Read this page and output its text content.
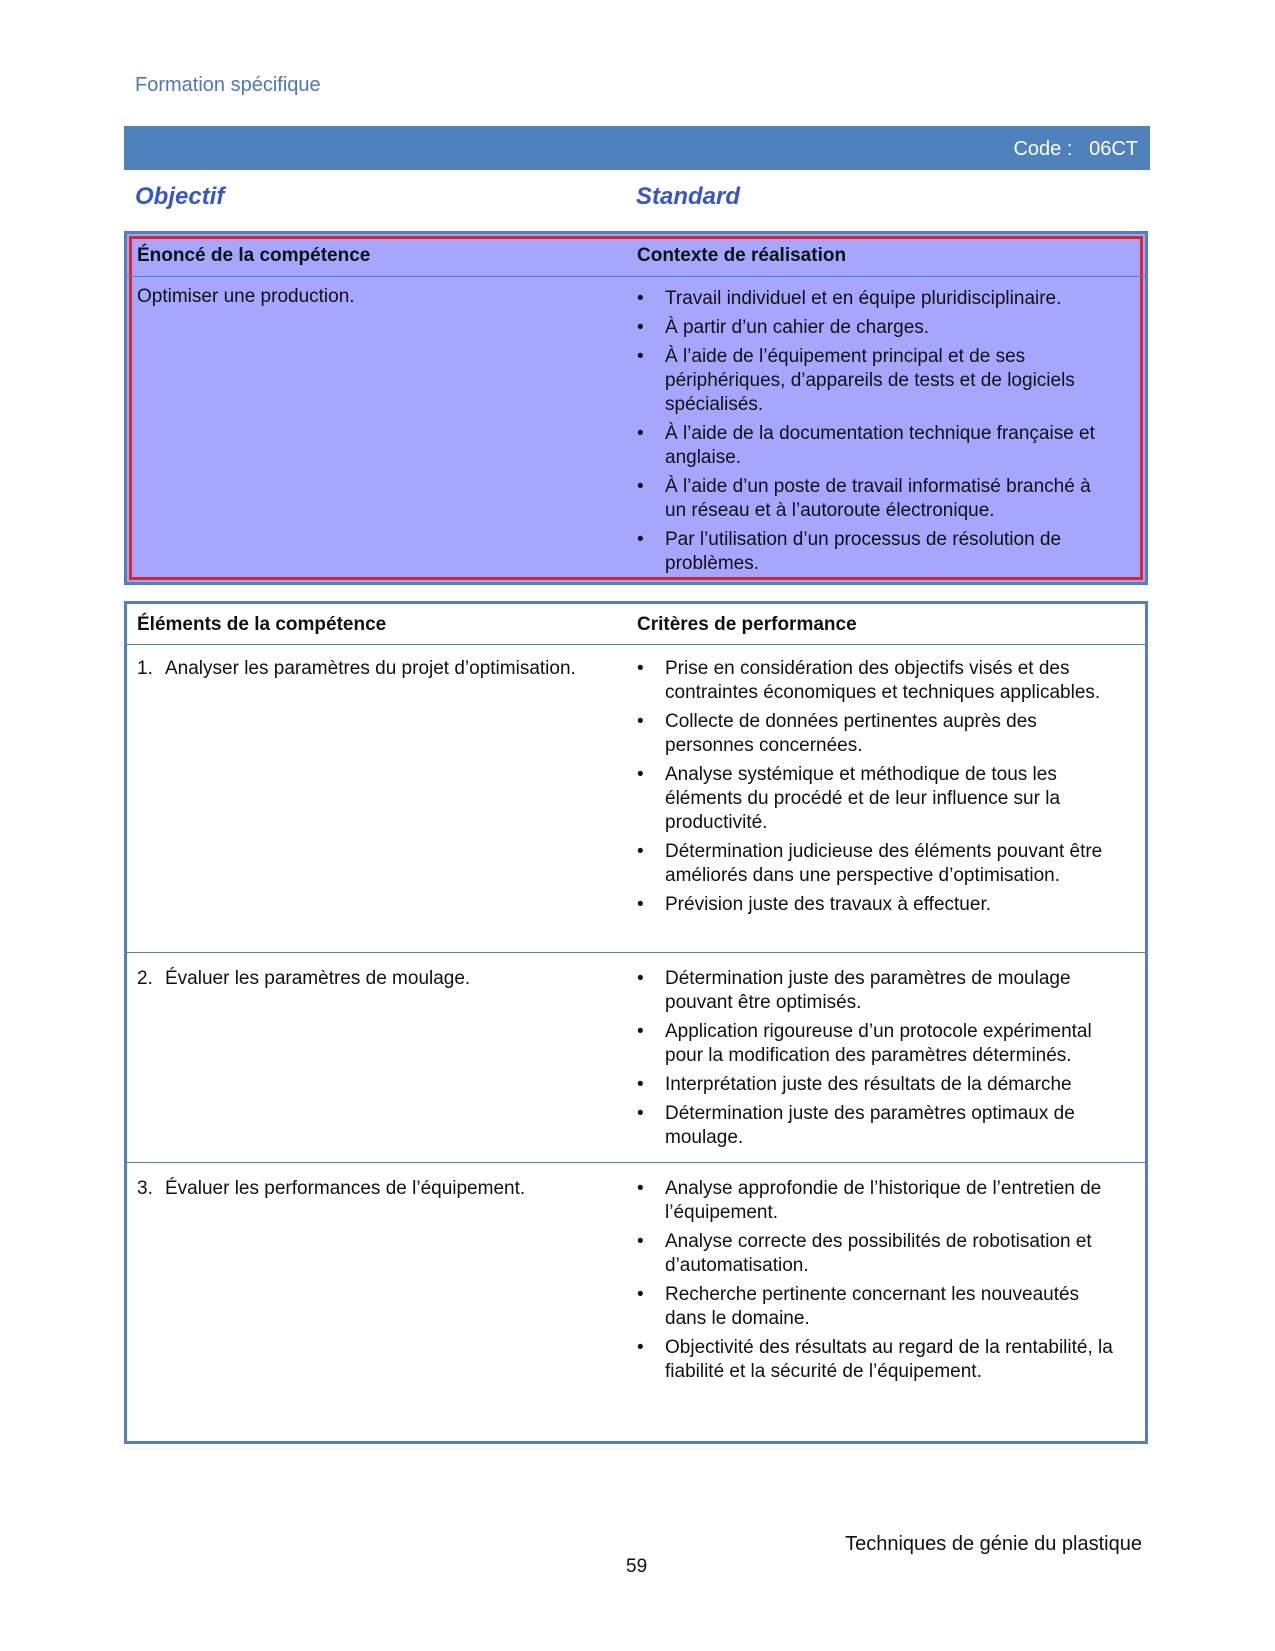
Formation spécifique
Code :   06CT
Objectif	Standard
Énoncé de la compétence	Contexte de réalisation
Optimiser une production.	• Travail individuel et en équipe pluridisciplinaire.
• À partir d’un cahier de charges.
• À l’aide de l’équipement principal et de ses périphériques, d’appareils de tests et de logiciels spécialisés.
• À l’aide de la documentation technique française et anglaise.
• À l’aide d’un poste de travail informatisé branché à un réseau et à l’autoroute électronique.
• Par l’utilisation d’un processus de résolution de problèmes.
Éléments de la compétence	Critères de performance
1. Analyser les paramètres du projet d’optimisation.	• Prise en considération des objectifs visés et des contraintes économiques et techniques applicables.
• Collecte de données pertinentes auprès des personnes concernées.
• Analyse systémique et méthodique de tous les éléments du procédé et de leur influence sur la productivité.
• Détermination judicieuse des éléments pouvant être améliorés dans une perspective d’optimisation.
• Prévision juste des travaux à effectuer.
2. Évaluer les paramètres de moulage.	• Détermination juste des paramètres de moulage pouvant être optimisés.
• Application rigoureuse d’un protocole expérimental pour la modification des paramètres déterminés.
• Interprétation juste des résultats de la démarche
• Détermination juste des paramètres optimaux de moulage.
3. Évaluer les performances de l’équipement.	• Analyse approfondie de l’historique de l’entretien de l’équipement.
• Analyse correcte des possibilités de robotisation et d’automatisation.
• Recherche pertinente concernant les nouveautés dans le domaine.
• Objectivité des résultats au regard de la rentabilité, la fiabilité et la sécurité de l’équipement.
Techniques de génie du plastique
59
